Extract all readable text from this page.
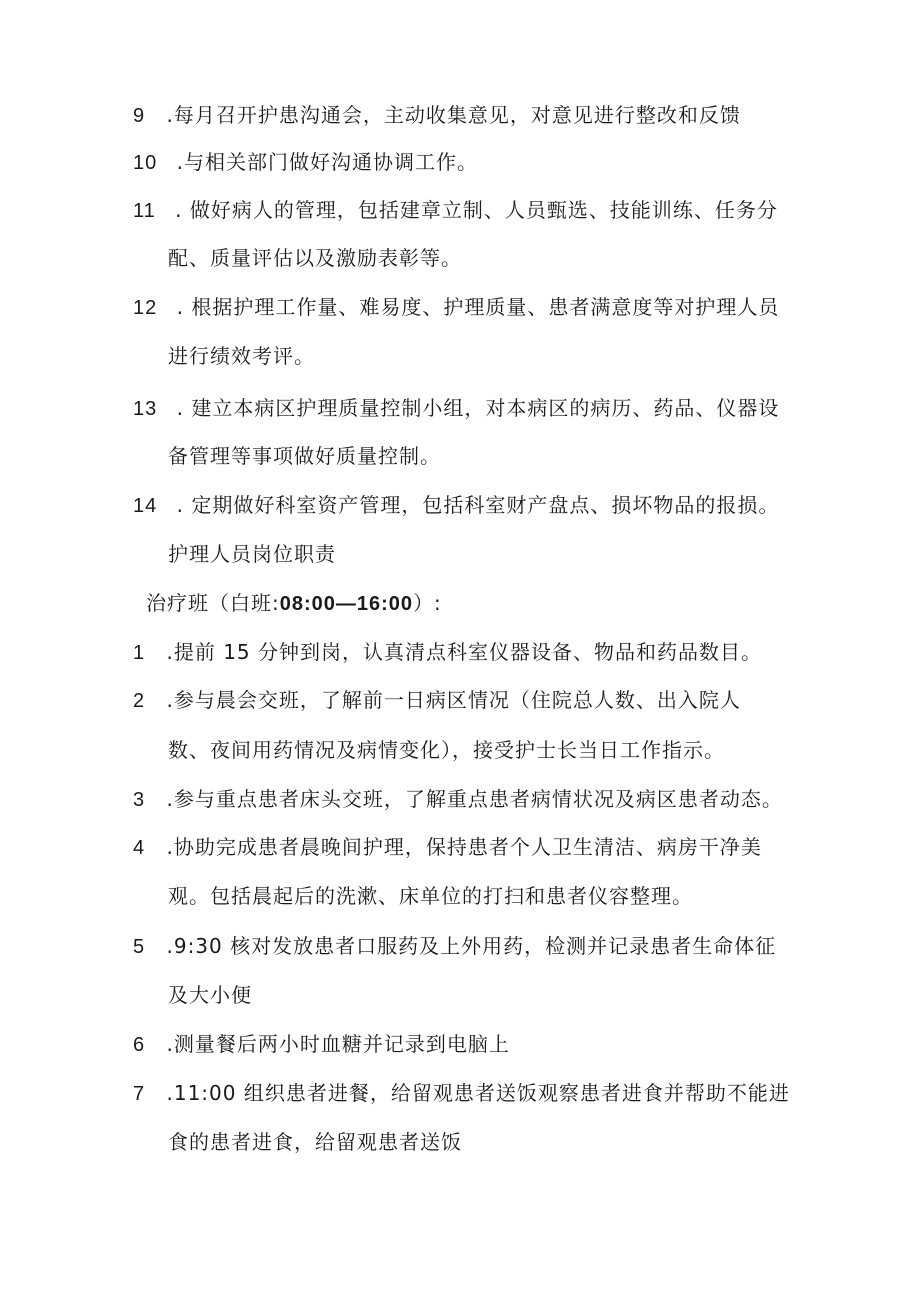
9 .每月召开护患沟通会，主动收集意见，对意见进行整改和反馈
10 .与相关部门做好沟通协调工作。
11 . 做好病人的管理，包括建章立制、人员甄选、技能训练、任务分
配、质量评估以及激励表彰等。
12 . 根据护理工作量、难易度、护理质量、患者满意度等对护理人员
进行绩效考评。
13 . 建立本病区护理质量控制小组，对本病区的病历、药品、仪器设
备管理等事项做好质量控制。
14 . 定期做好科室资产管理，包括科室财产盘点、损坏物品的报损。
护理人员岗位职责
治疗班（白班:08:00—16:00）:
1 .提前 15 分钟到岗，认真清点科室仪器设备、物品和药品数目。
2 .参与晨会交班，了解前一日病区情况（住院总人数、出入院人
数、夜间用药情况及病情变化），接受护士长当日工作指示。
3 .参与重点患者床头交班，了解重点患者病情状况及病区患者动态。
4 .协助完成患者晨晚间护理，保持患者个人卫生清洁、病房干净美
观。包括晨起后的洗漱、床单位的打扫和患者仪容整理。
5 .9:30 核对发放患者口服药及上外用药，检测并记录患者生命体征
及大小便
6 .测量餐后两小时血糖并记录到电脑上
7 .11:00 组织患者进餐，给留观患者送饭观察患者进食并帮助不能进
食的患者进食，给留观患者送饭
